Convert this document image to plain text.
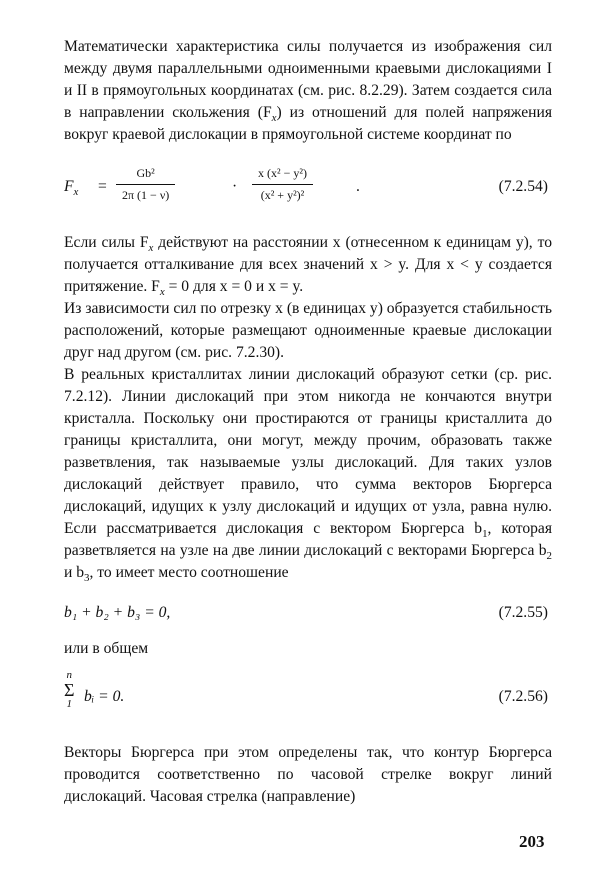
Математически характеристика силы получается из изображения сил между двумя параллельными одноименными краевыми дислокациями I и II в прямоугольных координатах (см. рис. 8.2.29). Затем создается сила в направлении скольжения $(F_x)$ из отношений для полей напряжения вокруг краевой дислокации в прямоугольной системе координат по

$F_x = \frac{\text{Gb²}}{2\pi (1 - \nu)}$	· $\frac{\text{x (x² − y²)}}{\text{(x² + y²)²}}$	.	(7.2.54)

Если силы $F_x$ действуют на расстоянии x (отнесенном к единицам y), то получается отталкивание для всех значений x > y. Для x < y создается притяжение. $F_x = 0$ для x = 0 и x = y.

Из зависимости сил по отрезку x (в единицах y) образуется стабильность расположений, которые размещают одноименные краевые дислокации друг над другом (см. рис. 7.2.30).

В реальных кристаллитах линии дислокаций образуют сетки (ср. рис. 7.2.12). Линии дислокаций при этом никогда не кончаются внутри кристалла. Поскольку они простираются от границы кристаллита до границы кристаллита, они могут, между прочим, образовать также разветвления, так называемые узлы дислокаций. Для таких узлов дислокаций действует правило, что сумма векторов Бюргерса дислокаций, идущих к узлу дислокаций и идущих от узла, равна нулю. Если рассматривается дислокация с вектором Бюргерса $b_1$, которая разветвляется на узле на две линии дислокаций с векторами Бюргерса $b_2$ и $b_3$, то имеет место соотношение

b₁ + b₂ + b₃ = 0,	(7.2.55)

или в общем

n
Σ
1 bᵢ = 0.	(7.2.56)

Векторы Бюргерса при этом определены так, что контур Бюргерса проводится соответственно по часовой стрелке вокруг линий дислокаций. Часовая стрелка (направление)

203
